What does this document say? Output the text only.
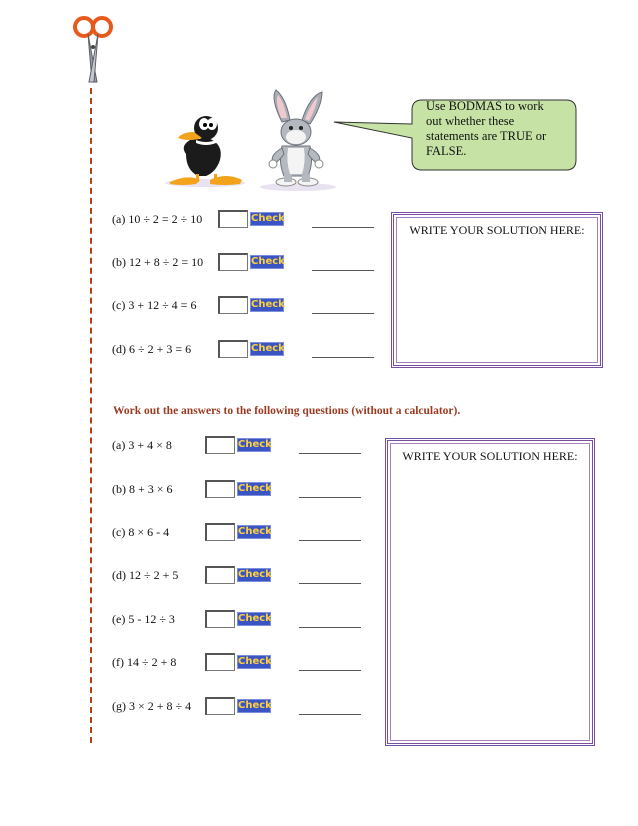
Use BODMAS to work out whether these statements are TRUE or FALSE.
(a) 10 ÷ 2 = 2 ÷ 10	Check
(b) 12 + 8 ÷ 2 = 10	Check
(c) 3 + 12 ÷ 4 = 6	Check
(d) 6 ÷ 2 + 3 = 6	Check
WRITE YOUR SOLUTION HERE:
Work out the answers to the following questions (without a calculator).
(a) 3 + 4 × 8	Check
(b) 8 + 3 × 6	Check
(c) 8 × 6 - 4	Check
(d) 12 ÷ 2 + 5	Check
(e) 5 - 12 ÷ 3	Check
(f) 14 ÷ 2 + 8	Check
(g) 3 × 2 + 8 ÷ 4	Check
WRITE YOUR SOLUTION HERE:
